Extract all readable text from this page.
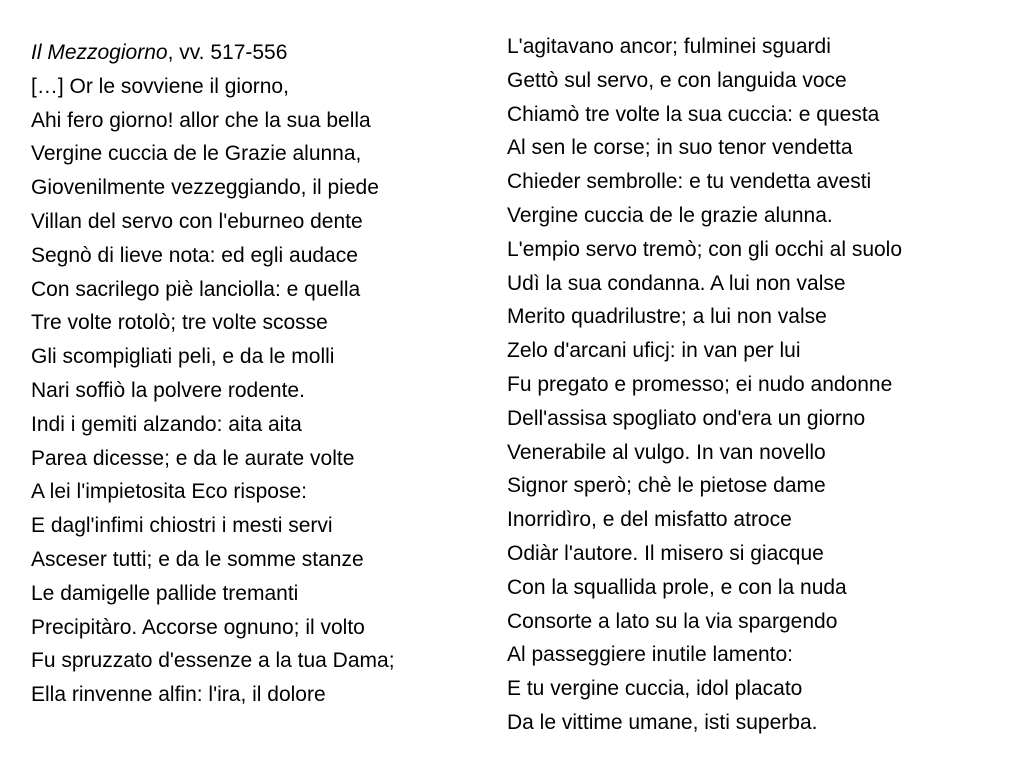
Il Mezzogiorno, vv. 517-556
[…] Or le sovviene il giorno,
Ahi fero giorno! allor che la sua bella
Vergine cuccia de le Grazie alunna,
Giovenilmente vezzeggiando, il piede
Villan del servo con l'eburneo dente
Segnò di lieve nota: ed egli audace
Con sacrilego piè lanciolla: e quella
Tre volte rotolò; tre volte scosse
Gli scompigliati peli, e da le molli
Nari soffiò la polvere rodente.
Indi i gemiti alzando: aita aita
Parea dicesse; e da le aurate volte
A lei l'impietosita Eco rispose:
E dagl'infimi chiostri i mesti servi
Asceser tutti; e da le somme stanze
Le damigelle pallide tremanti
Precipitàro. Accorse ognuno; il volto
Fu spruzzato d'essenze a la tua Dama;
Ella rinvenne alfin: l'ira, il dolore
L'agitavano ancor; fulminei sguardi
Gettò sul servo, e con languida voce
Chiamò tre volte la sua cuccia: e questa
Al sen le corse; in suo tenor vendetta
Chieder sembrolle: e tu vendetta avesti
Vergine cuccia de le grazie alunna.
L'empio servo tremò; con gli occhi al suolo
Udì la sua condanna. A lui non valse
Merito quadrilustre; a lui non valse
Zelo d'arcani uficj: in van per lui
Fu pregato e promesso; ei nudo andonne
Dell'assisa spogliato ond'era un giorno
Venerabile al vulgo. In van novello
Signor sperò; chè le pietose dame
Inorridìro, e del misfatto atroce
Odiàr l'autore. Il misero si giacque
Con la squallida prole, e con la nuda
Consorte a lato su la via spargendo
Al passeggiere inutile lamento:
E tu vergine cuccia, idol placato
Da le vittime umane, isti superba.
